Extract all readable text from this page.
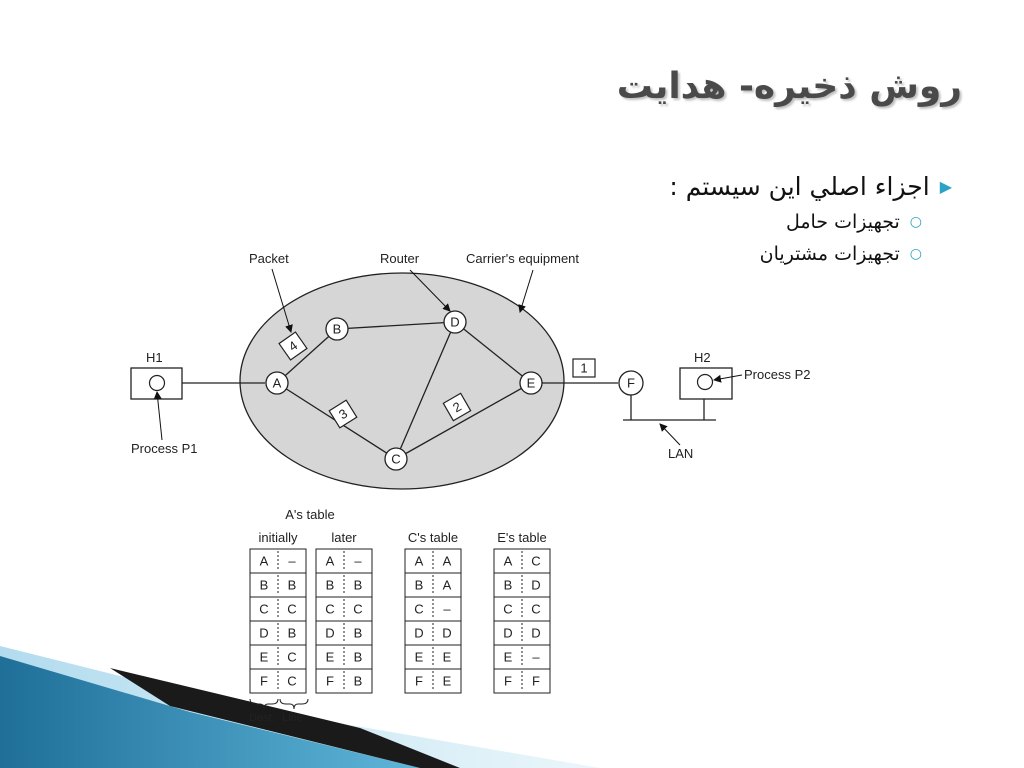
روش ذخیره- هدایت
▶
اجزاء اصلي اين سيستم :
○
تجهيزات حامل
○
تجهيزات مشتريان
H1	H2
A
B
C
D
E	F
4
3	2
1
Packet	Router	Carrier's equipment
Process P1
Process P2
LAN
A's table
initially	later	C's table	E's table
A –
B B
C C
D B
E C
F C
A –
B B
C C
D B
E B
F B
A A
B A
C –
D D
E E
F E
A C
B D
C C
D D
E –
F F
Dest. Line
